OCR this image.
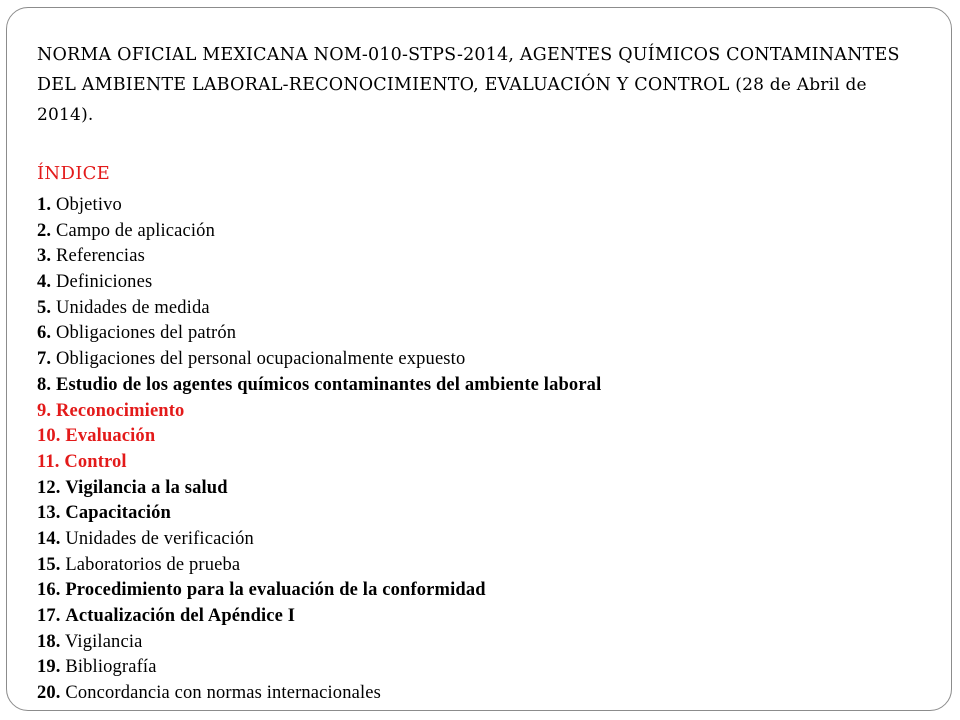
NORMA OFICIAL MEXICANA NOM-010-STPS-2014, AGENTES QUÍMICOS CONTAMINANTES DEL AMBIENTE LABORAL-RECONOCIMIENTO, EVALUACIÓN Y CONTROL (28 de Abril de 2014).
ÍNDICE
1. Objetivo
2. Campo de aplicación
3. Referencias
4. Definiciones
5. Unidades de medida
6. Obligaciones del patrón
7. Obligaciones del personal ocupacionalmente expuesto
8. Estudio de los agentes químicos contaminantes del ambiente laboral
9. Reconocimiento
10. Evaluación
11. Control
12. Vigilancia a la salud
13. Capacitación
14. Unidades de verificación
15. Laboratorios de prueba
16. Procedimiento para la evaluación de la conformidad
17. Actualización del Apéndice I
18. Vigilancia
19. Bibliografía
20. Concordancia con normas internacionales
